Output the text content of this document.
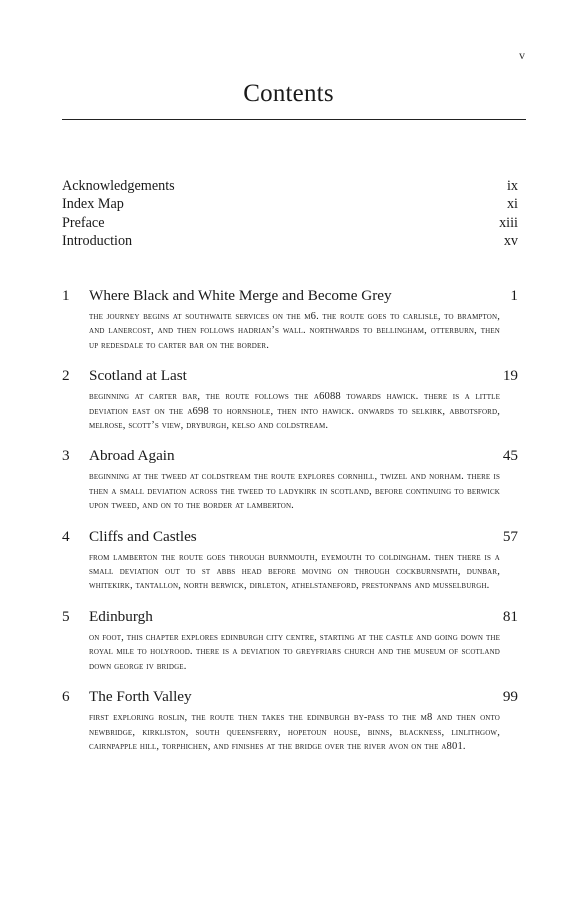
v
Contents
Acknowledgements	ix
Index Map	xi
Preface	xiii
Introduction	xv
1	Where Black and White Merge and Become Grey	1
the journey begins at southwaite services on the m6. the route goes to carlisle, to brampton, and lanercost, and then follows hadrian’s wall. northwards to bellingham, otterburn, then up redesdale to carter bar on the border.
2	Scotland at Last	19
beginning at carter bar, the route follows the a6088 towards hawick. there is a little deviation east on the a698 to hornshole, then into hawick. onwards to selkirk, abbotsford, melrose, scott’s view, dryburgh, kelso and coldstream.
3	Abroad Again	45
beginning at the tweed at coldstream the route explores cornhill, twizel and norham. there is then a small deviation across the tweed to ladykirk in scotland, before continuing to berwick upon tweed, and on to the border at lamberton.
4	Cliffs and Castles	57
from lamberton the route goes through burnmouth, eyemouth to coldingham. then there is a small deviation out to st abbs head before moving on through cockburnspath, dunbar, whitekirk, tantallon, north berwick, dirleton, athelstaneford, prestonpans and musselburgh.
5	Edinburgh	81
on foot, this chapter explores edinburgh city centre, starting at the castle and going down the royal mile to holyrood. there is a deviation to greyfriars church and the museum of scotland down george iv bridge.
6	The Forth Valley	99
first exploring roslin, the route then takes the edinburgh by-pass to the m8 and then onto newbridge, kirkliston, south queensferry, hopetoun house, binns, blackness, linlithgow, cairnpapple hill, torphichen, and finishes at the bridge over the river avon on the a801.
